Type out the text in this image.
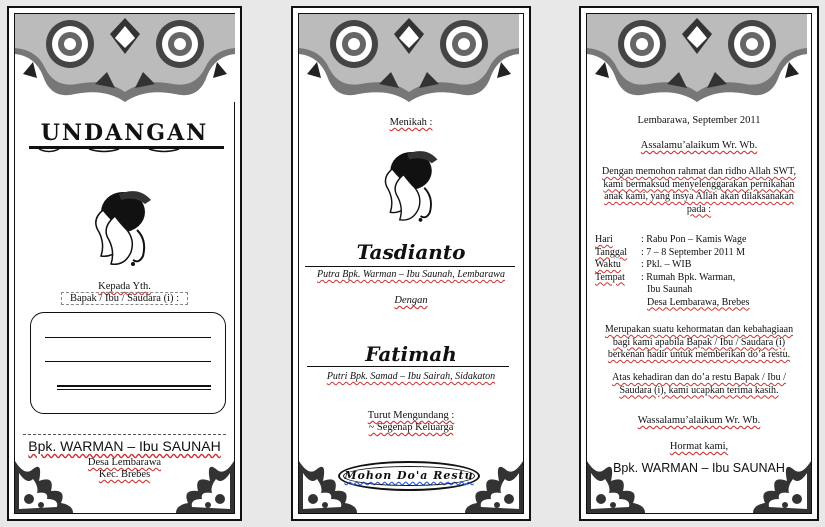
UNDANGAN
Kepada Yth.
Bapak / Ibu / Saudara (i) :
Bpk. WARMAN – Ibu SAUNAH
Desa Lembarawa
Kec. Brebes
Menikah :
Tasdianto
Putra Bpk. Warman – Ibu Saunah, Lembarawa
Dengan
Fatimah
Putri Bpk. Samad – Ibu Sairah, Sidakaton
Turut Mengundang :
~ Segenap Keluarga
Mohon Do'a Restu
Lembarawa, September 2011
Assalamu’alaikum Wr. Wb.
Dengan memohon rahmat dan ridho Allah SWT,
kami bermaksud menyelenggarakan pernikahan
anak kami, yang insya Allah akan dilaksanakan
pada :
Hari	: Rabu Pon – Kamis Wage
Tanggal : 7 – 8 September 2011 M
Waktu : Pkl. – WIB
Tempat : Rumah Bpk. Warman,
Ibu Saunah
Desa Lembarawa, Brebes
Merupakan suatu kehormatan dan kebahagiaan
bagi kami apabila Bapak / Ibu / Saudara (i)
berkenan hadir untuk memberikan do’a restu.
Atas kehadiran dan do’a restu Bapak / Ibu /
Saudara (i), kami ucapkan terima kasih.
Wassalamu’alaikum Wr. Wb.
Hormat kami,
Bpk. WARMAN – Ibu SAUNAH
